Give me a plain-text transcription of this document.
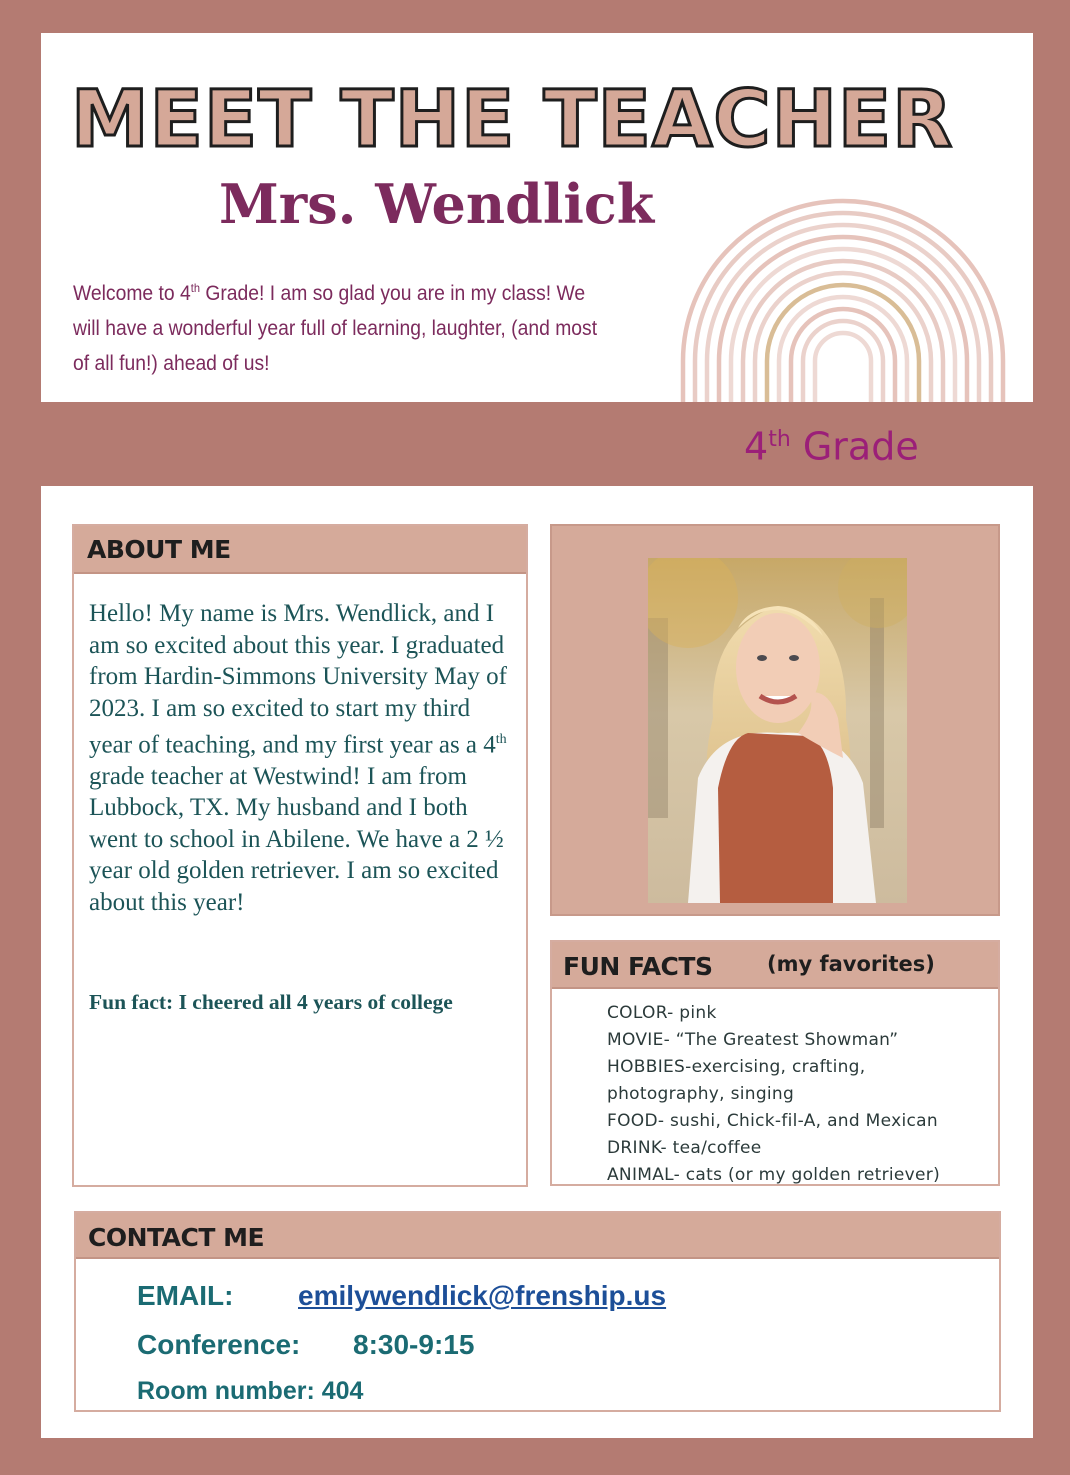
MEET THE TEACHER
Mrs. Wendlick
Welcome to 4th Grade! I am so glad you are in my class! We will have a wonderful year full of learning, laughter, (and most of all fun!) ahead of us!
4th Grade
ABOUT ME
Hello! My name is Mrs. Wendlick, and I am so excited about this year. I graduated from Hardin-Simmons University May of 2023. I am so excited to start my third year of teaching, and my first year as a 4th grade teacher at Westwind! I am from Lubbock, TX. My husband and I both went to school in Abilene. We have a 2 ½ year old golden retriever. I am so excited about this year!
Fun fact: I cheered all 4 years of college
FUN FACTS	(my favorites)
COLOR- pink
MOVIE- “The Greatest Showman”
HOBBIES-exercising, crafting,
photography, singing
FOOD- sushi, Chick-fil-A, and Mexican
DRINK- tea/coffee
ANIMAL- cats (or my golden retriever)
CONTACT ME
EMAIL: emilywendlick@frenship.us
Conference: 8:30-9:15
Room number: 404
